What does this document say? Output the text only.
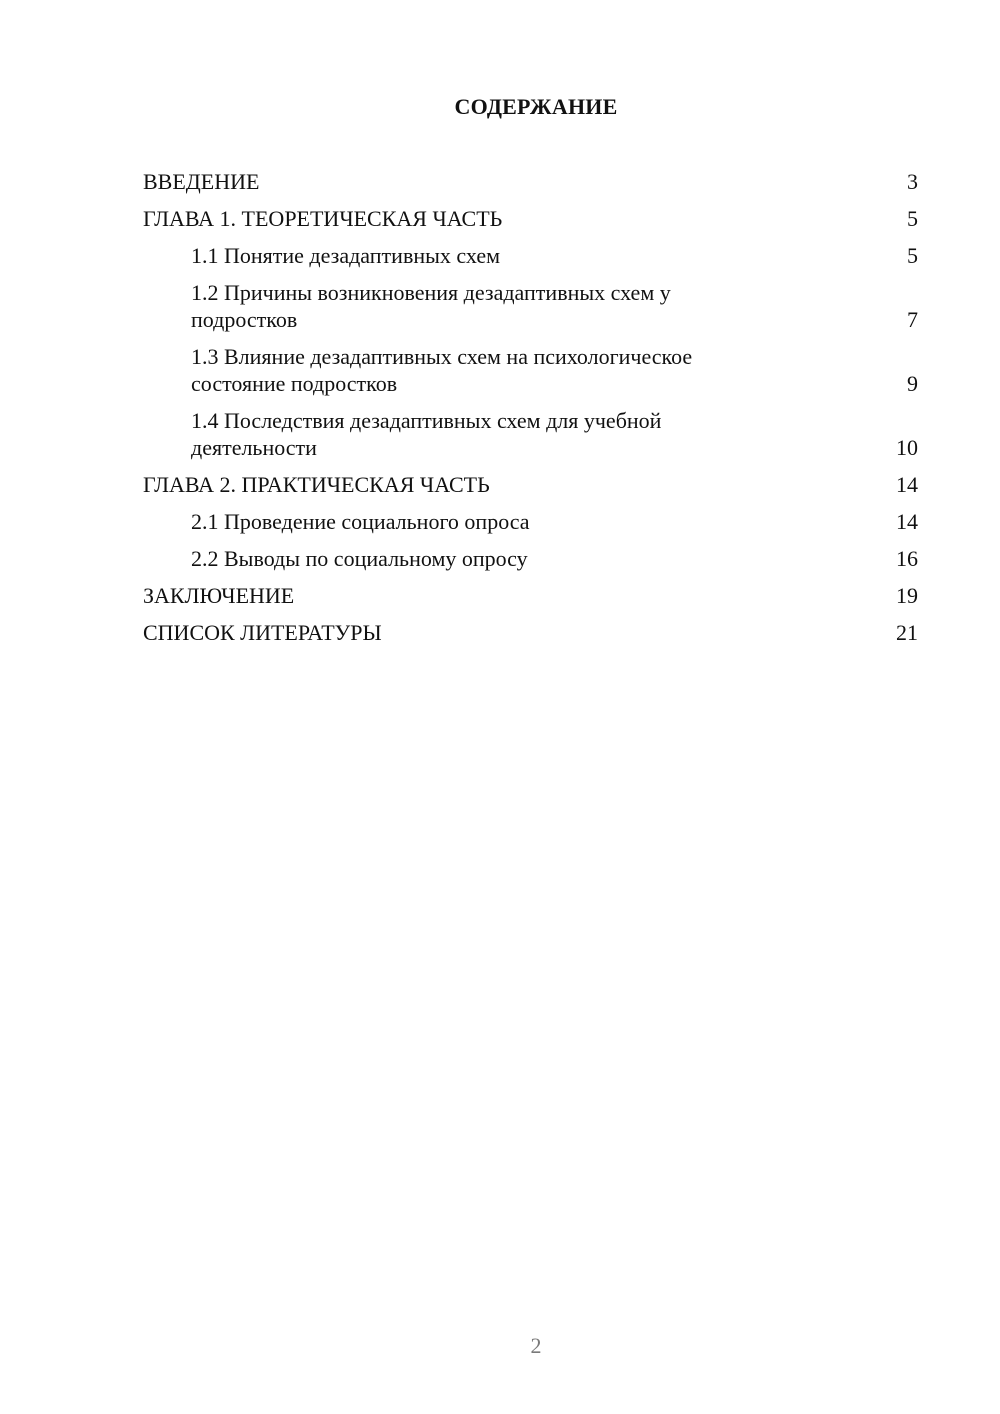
СОДЕРЖАНИЕ
ВВЕДЕНИЕ	3
ГЛАВА 1. ТЕОРЕТИЧЕСКАЯ ЧАСТЬ	5
1.1 Понятие дезадаптивных схем	5
1.2 Причины возникновения дезадаптивных схем у подростков	7
1.3 Влияние дезадаптивных схем на психологическое состояние подростков	9
1.4 Последствия дезадаптивных схем для учебной деятельности	10
ГЛАВА 2. ПРАКТИЧЕСКАЯ ЧАСТЬ	14
2.1 Проведение социального опроса	14
2.2 Выводы по социальному опросу	16
ЗАКЛЮЧЕНИЕ	19
СПИСОК ЛИТЕРАТУРЫ	21
2
